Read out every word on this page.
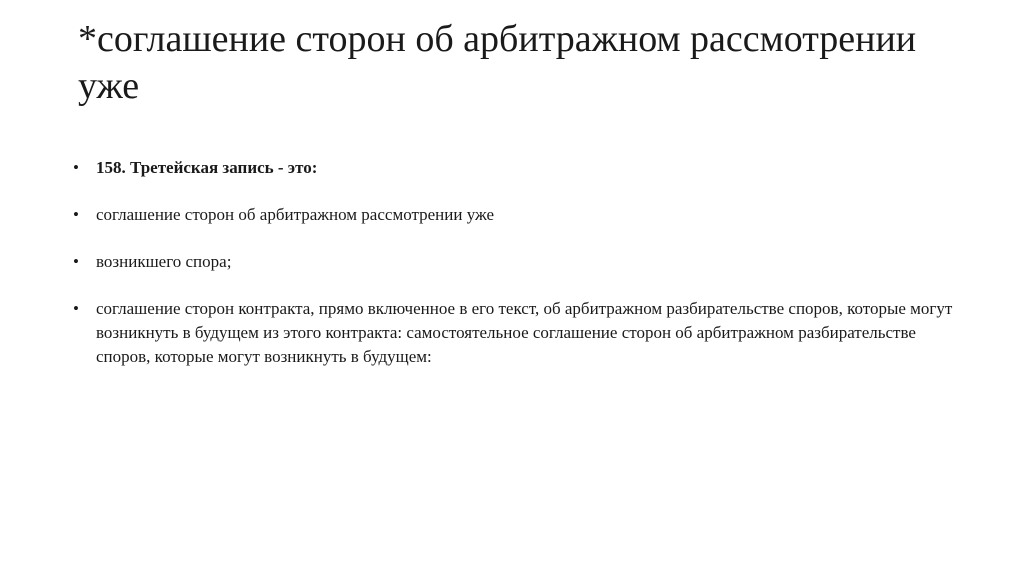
*соглашение сторон об арбитражном рассмотрении уже
• 158. Третейская запись - это:
• соглашение сторон об арбитражном рассмотрении уже
• возникшего спора;
• соглашение сторон контракта, прямо включенное в его текст, об арбитражном разбирательстве споров, которые могут возникнуть в будущем из этого контракта: самостоятельное соглашение сторон об арбитражном разбирательстве споров, которые могут возникнуть в будущем:
